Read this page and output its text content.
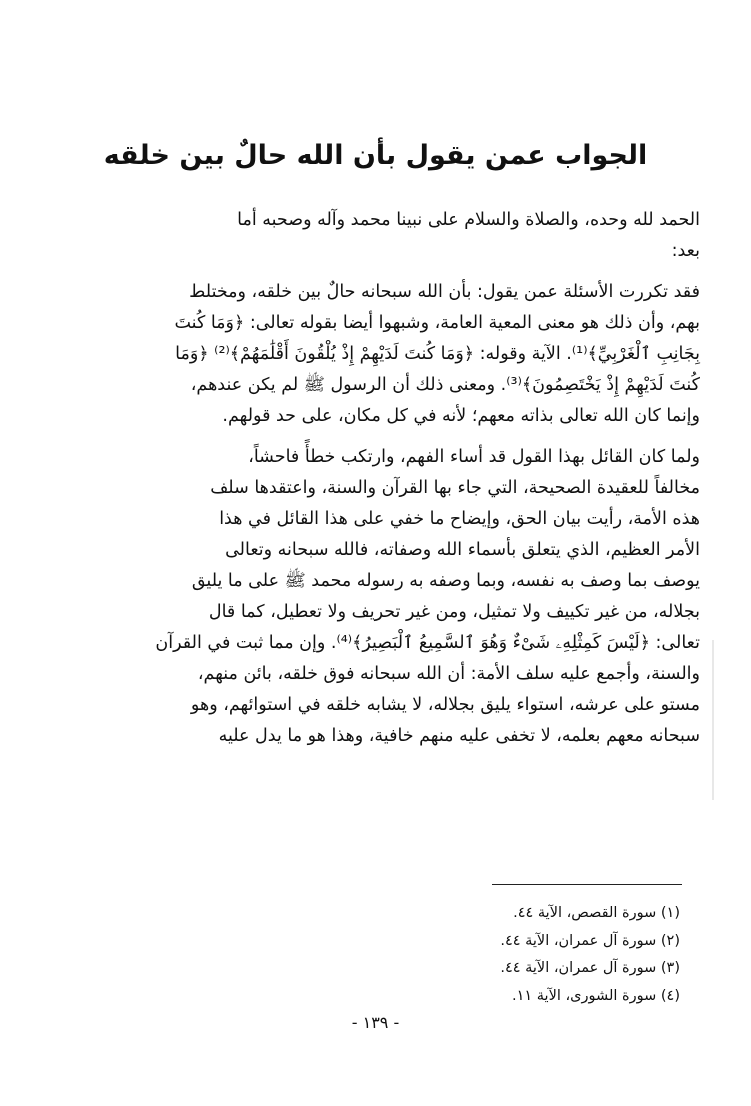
الجواب عمن يقول بأن الله حالٌ بين خلقه

الحمد لله وحده، والصلاة والسلام على نبينا محمد وآله وصحبه أما
بعد:

فقد تكررت الأسئلة عمن يقول: بأن الله سبحانه حالٌ بين خلقه، ومختلط
بهم، وأن ذلك هو معنى المعية العامة، وشبهوا أيضا بقوله تعالى: ﴿وَمَا كُنتَ
بِجَانِبِ ٱلْغَرْبِيِّ﴾⁽¹⁾. الآية وقوله: ﴿وَمَا كُنتَ لَدَيْهِمْ إِذْ يُلْقُونَ أَقْلَٰمَهُمْ﴾⁽²⁾ ﴿وَمَا
كُنتَ لَدَيْهِمْ إِذْ يَخْتَصِمُونَ﴾⁽³⁾. ومعنى ذلك أن الرسول ﷺ لم يكن عندهم،
وإنما كان الله تعالى بذاته معهم؛ لأنه في كل مكان، على حد قولهم.

ولما كان القائل بهذا القول قد أساء الفهم، وارتكب خطأً فاحشاً،
مخالفاً للعقيدة الصحيحة، التي جاء بها القرآن والسنة، واعتقدها سلف
هذه الأمة، رأيت بيان الحق، وإيضاح ما خفي على هذا القائل في هذا
الأمر العظيم، الذي يتعلق بأسماء الله وصفاته، فالله سبحانه وتعالى
يوصف بما وصف به نفسه، وبما وصفه به رسوله محمد ﷺ على ما يليق
بجلاله، من غير تكييف ولا تمثيل، ومن غير تحريف ولا تعطيل، كما قال
تعالى: ﴿لَيْسَ كَمِثْلِهِۦ شَىْءٌ وَهُوَ ٱلسَّمِيعُ ٱلْبَصِيرُ﴾⁽⁴⁾. وإن مما ثبت في القرآن
والسنة، وأجمع عليه سلف الأمة: أن الله سبحانه فوق خلقه، بائن منهم،
مستو على عرشه، استواء يليق بجلاله، لا يشابه خلقه في استوائهم، وهو
سبحانه معهم بعلمه، لا تخفى عليه منهم خافية، وهذا هو ما يدل عليه

(١) سورة القصص، الآية ٤٤.
(٢) سورة آل عمران، الآية ٤٤.
(٣) سورة آل عمران، الآية ٤٤.
(٤) سورة الشورى، الآية ١١.
- ١٣٩ -
